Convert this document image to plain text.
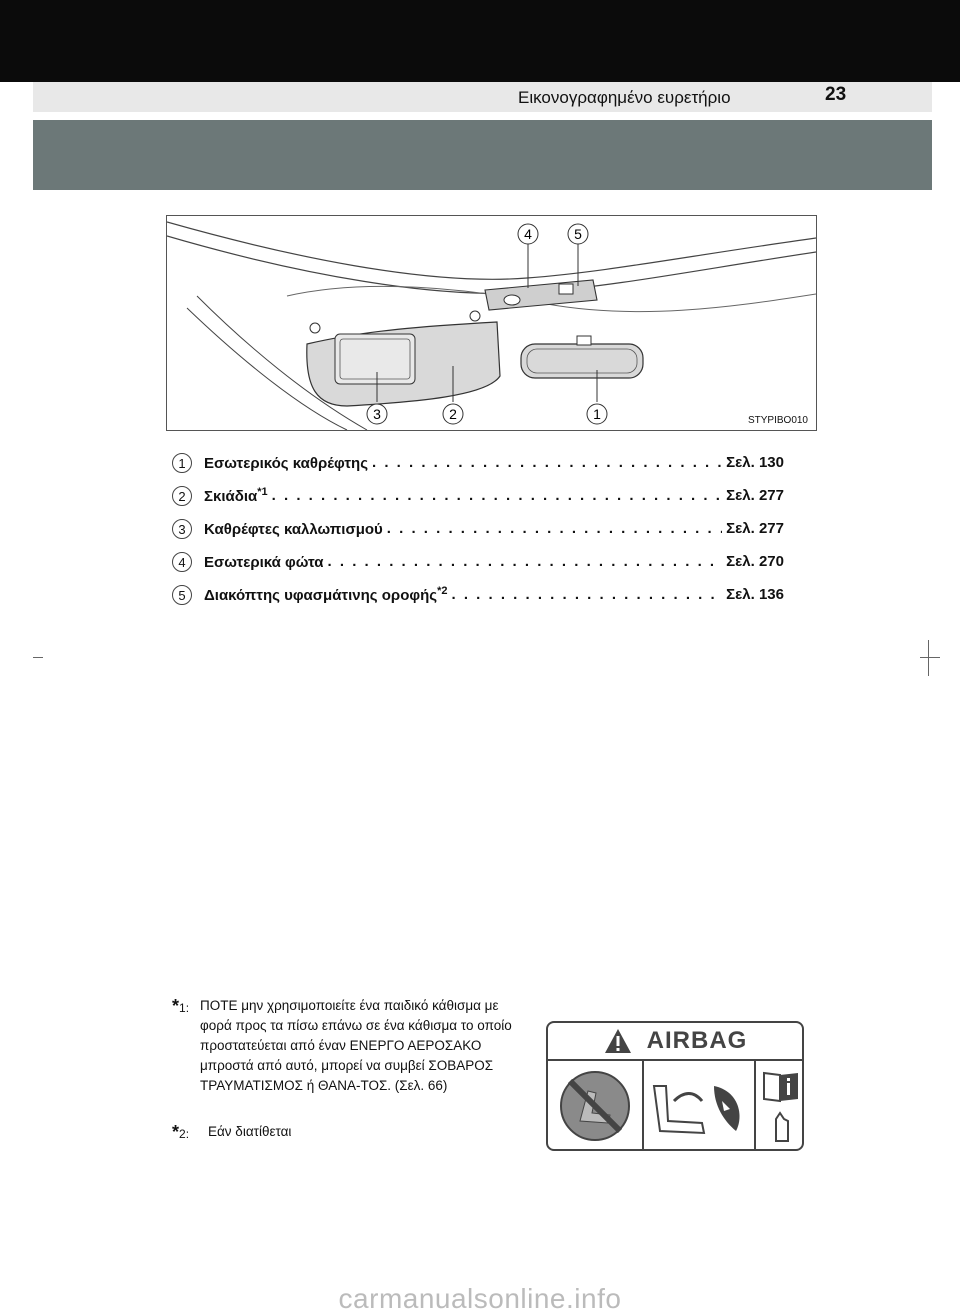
Εικονογραφημένο ευρετήριο	23
4	5
3	2	1	STYPIBO010
1	Εσωτερικός καθρέφτης . . .	Σελ. 130
2	Σκιάδια$^{*1}$ . . .	Σελ. 277
3	Καθρέφτες καλλωπισμού . . .	Σελ. 277
4	Εσωτερικά φώτα . . .	Σελ. 270
5	Διακόπτης υφασμάτινης οροφής$^{*2}$ . . .	Σελ. 136
*1: ΠΟΤΕ μην χρησιμοποιείτε ένα παιδικό κάθισμα με φορά προς τα πίσω επάνω σε ένα κάθισμα το οποίο προστατεύεται από έναν ΕΝΕΡΓΟ ΑΕΡΟΣΑΚΟ μπροστά από αυτό, μπορεί να συμβεί ΣΟΒΑΡΟΣ ΤΡΑΥΜΑΤΙΣΜΟΣ ή ΘΑΝΑ-ΤΟΣ. (Σελ. 66)
*2:	Εάν διατίθεται
AIRBAG
carmanualsonline.info
